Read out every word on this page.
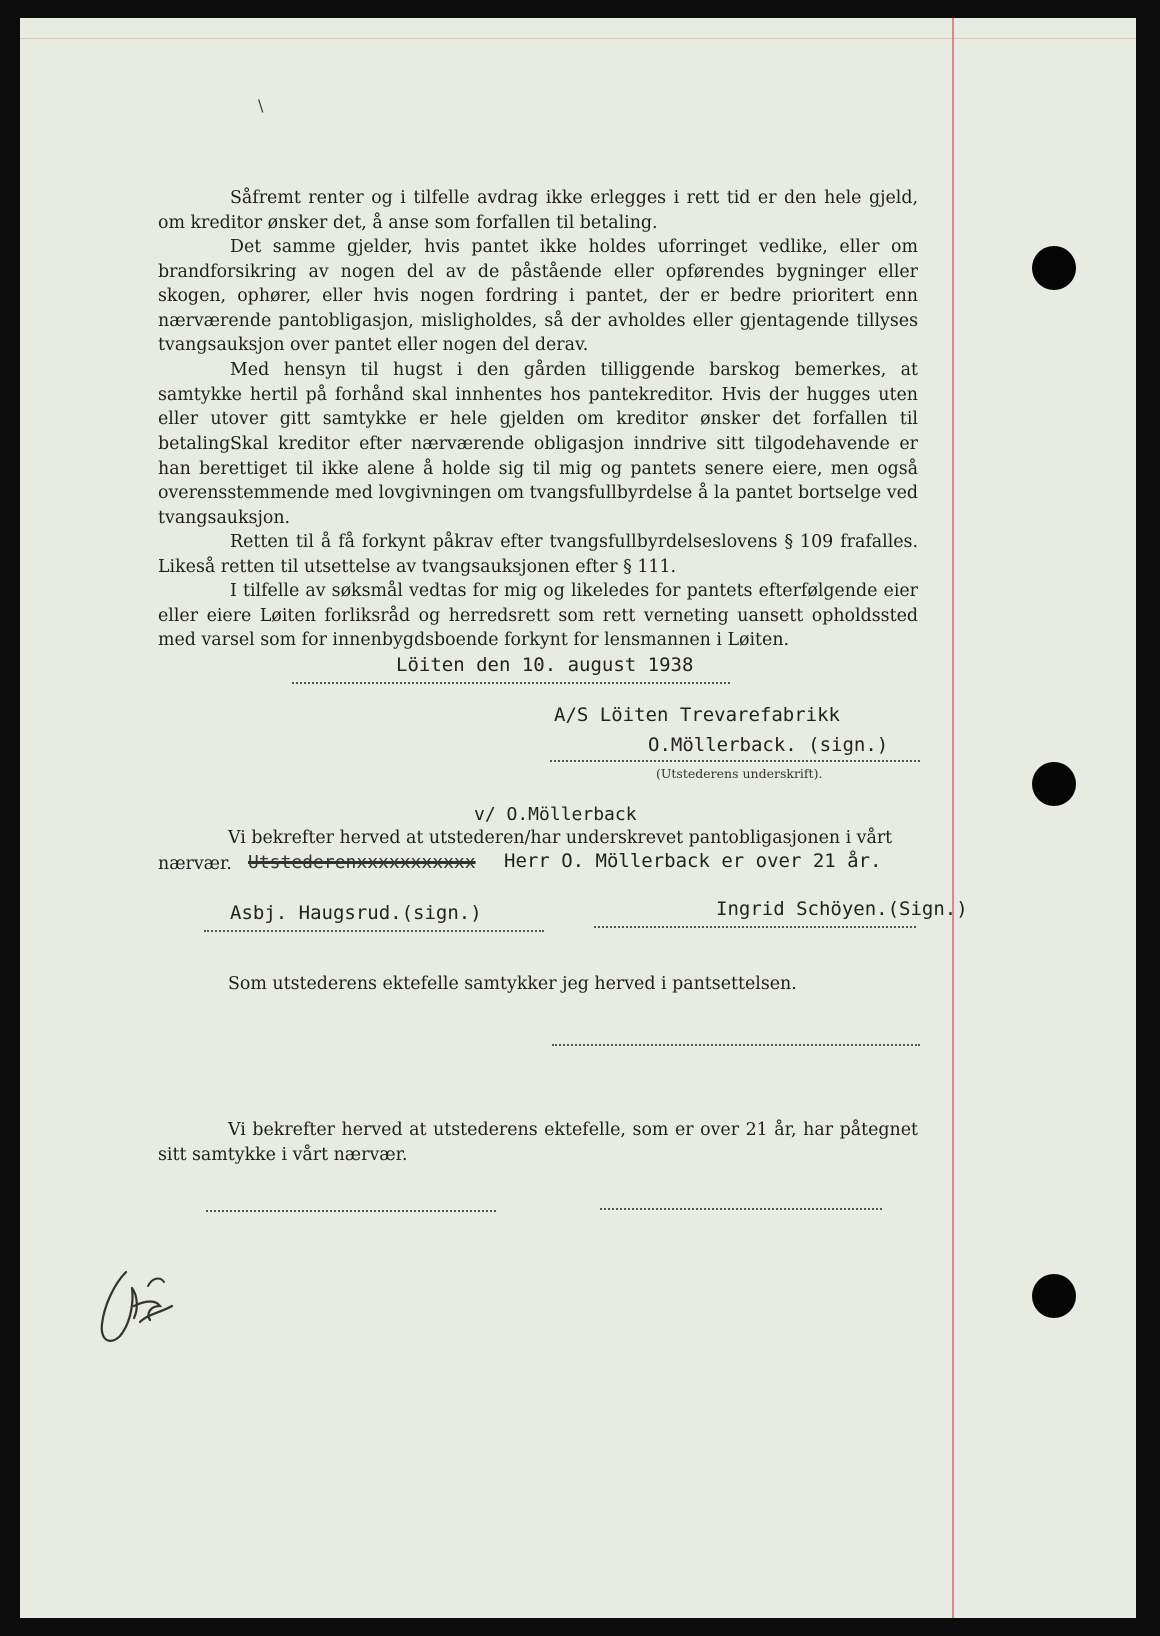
\

Såfremt renter og i tilfelle avdrag ikke erlegges i rett tid er den hele gjeld, om kreditor ønsker det, å anse som forfallen til betaling.

Det samme gjelder, hvis pantet ikke holdes uforringet vedlike, eller om brandforsikring av nogen del av de påstående eller opførendes bygninger eller skogen, ophører, eller hvis nogen fordring i pantet, der er bedre prioritert enn nærværende pantobligasjon, misligholdes, så der avholdes eller gjentagende tillyses tvangsauksjon over pantet eller nogen del derav.

Med hensyn til hugst i den gården tilliggende barskog bemerkes, at samtykke hertil på forhånd skal innhentes hos pantekreditor. Hvis der hugges uten eller utover gitt samtykke er hele gjelden om kreditor ønsker det forfallen til betaling.

Skal kreditor efter nærværende obligasjon inndrive sitt tilgodehavende er han berettiget til ikke alene å holde sig til mig og pantets senere eiere, men også overensstemmende med lovgivningen om tvangsfullbyrdelse å la pantet bortselge ved tvangsauksjon.

Retten til å få forkynt påkrav efter tvangsfullbyrdelseslovens § 109 frafalles. Likeså retten til utsettelse av tvangsauksjonen efter § 111.

I tilfelle av søksmål vedtas for mig og likeledes for pantets efterfølgende eier eller eiere Løiten forliksråd og herredsrett som rett verneting uansett opholdssted med varsel som for innenbygdsboende forkynt for lensmannen i Løiten.

Löiten den 10. august 1938
A/S Löiten Trevarefabrikk
O.Möllerback. (sign.)
(Utstederens underskrift).
v/ O.Möllerback
Vi bekrefter herved at utstederen/har underskrevet pantobligasjonen i vårt
nærvær. Utstederenxxxxxxxxxxx Herr O. Möllerback er over 21 år.
Asbj. Haugsrud.(sign.)	Ingrid Schöyen.(Sign.)
Som utstederens ektefelle samtykker jeg herved i pantsettelsen.

Vi bekrefter herved at utstederens ektefelle, som er over 21 år, har påtegnet sitt samtykke i vårt nærvær.
